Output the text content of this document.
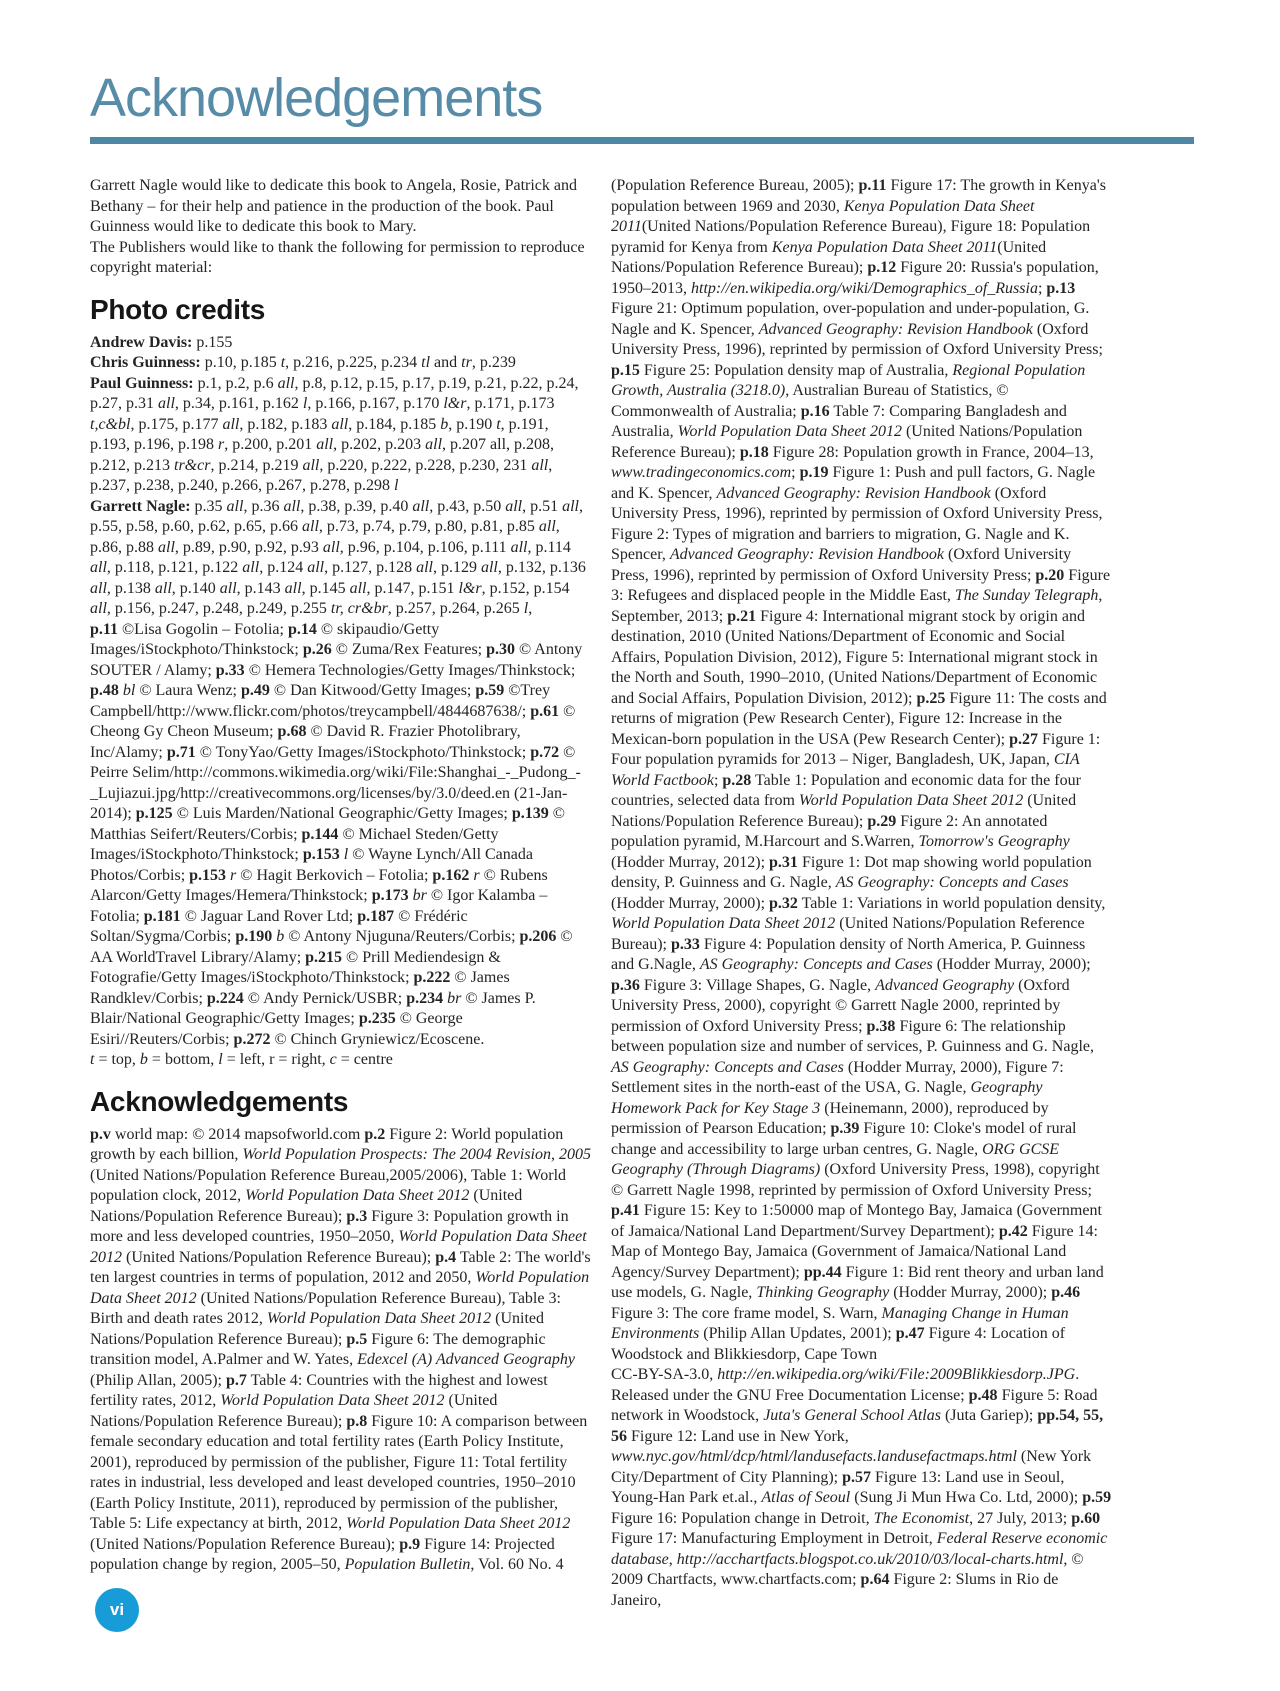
Acknowledgements

Garrett Nagle would like to dedicate this book to Angela, Rosie, Patrick and Bethany – for their help and patience in the production of the book. Paul Guinness would like to dedicate this book to Mary.
The Publishers would like to thank the following for permission to reproduce copyright material:

Photo credits

Andrew Davis: p.155
Chris Guinness: p.10, p.185 t, p.216, p.225, p.234 tl and tr, p.239
Paul Guinness: p.1, p.2, p.6 all, p.8, p.12, p.15, p.17, p.19, p.21, p.22, p.24, p.27, p.31 all, p.34, p.161, p.162 l, p.166, p.167, p.170 l&r, p.171, p.173 t,c&bl, p.175, p.177 all, p.182, p.183 all, p.184, p.185 b, p.190 t, p.191, p.193, p.196, p.198 r, p.200, p.201 all, p.202, p.203 all, p.207 all, p.208, p.212, p.213 tr&cr, p.214, p.219 all, p.220, p.222, p.228, p.230, 231 all, p.237, p.238, p.240, p.266, p.267, p.278, p.298 l
Garrett Nagle: p.35 all, p.36 all, p.38, p.39, p.40 all, p.43, p.50 all, p.51 all, p.55, p.58, p.60, p.62, p.65, p.66 all, p.73, p.74, p.79, p.80, p.81, p.85 all, p.86, p.88 all, p.89, p.90, p.92, p.93 all, p.96, p.104, p.106, p.111 all, p.114 all, p.118, p.121, p.122 all, p.124 all, p.127, p.128 all, p.129 all, p.132, p.136 all, p.138 all, p.140 all, p.143 all, p.145 all, p.147, p.151 l&r, p.152, p.154 all, p.156, p.247, p.248, p.249, p.255 tr, cr&br, p.257, p.264, p.265 l,
p.11 ©Lisa Gogolin – Fotolia; p.14 © skipaudio/Getty Images/iStockphoto/Thinkstock; p.26 © Zuma/Rex Features; p.30 © Antony SOUTER / Alamy; p.33 © Hemera Technologies/Getty Images/Thinkstock; p.48 bl © Laura Wenz; p.49 © Dan Kitwood/Getty Images; p.59 ©Trey Campbell/http://www.flickr.com/photos/treycampbell/4844687638/; p.61 © Cheong Gy Cheon Museum; p.68 © David R. Frazier Photolibrary, Inc/Alamy; p.71 © TonyYao/Getty Images/iStockphoto/Thinkstock; p.72 © Peirre Selim/http://commons.wikimedia.org/wiki/File:Shanghai_-_Pudong_-_Lujiazui.jpg/http://creativecommons.org/licenses/by/3.0/deed.en (21-Jan-2014); p.125 © Luis Marden/National Geographic/Getty Images; p.139 © Matthias Seifert/Reuters/Corbis; p.144 © Michael Steden/Getty Images/iStockphoto/Thinkstock; p.153 l © Wayne Lynch/All Canada Photos/Corbis; p.153 r © Hagit Berkovich – Fotolia; p.162 r © Rubens Alarcon/Getty Images/Hemera/Thinkstock; p.173 br © Igor Kalamba – Fotolia; p.181 © Jaguar Land Rover Ltd; p.187 © Frédéric Soltan/Sygma/Corbis; p.190 b © Antony Njuguna/Reuters/Corbis; p.206 © AA WorldTravel Library/Alamy; p.215 © Prill Mediendesign & Fotografie/Getty Images/iStockphoto/Thinkstock; p.222 © James Randklev/Corbis; p.224 © Andy Pernick/USBR; p.234 br © James P. Blair/National Geographic/Getty Images; p.235 © George Esiri//Reuters/Corbis; p.272 © Chinch Gryniewicz/Ecoscene.
t = top, b = bottom, l = left, r = right, c = centre

Acknowledgements

p.v world map: © 2014 mapsofworld.com p.2 Figure 2: World population growth by each billion, World Population Prospects: The 2004 Revision, 2005 (United Nations/Population Reference Bureau,2005/2006), Table 1: World population clock, 2012, World Population Data Sheet 2012 (United Nations/Population Reference Bureau); p.3 Figure 3: Population growth in more and less developed countries, 1950–2050, World Population Data Sheet 2012 (United Nations/Population Reference Bureau); p.4 Table 2: The world's ten largest countries in terms of population, 2012 and 2050, World Population Data Sheet 2012 (United Nations/Population Reference Bureau), Table 3: Birth and death rates 2012, World Population Data Sheet 2012 (United Nations/Population Reference Bureau); p.5 Figure 6: The demographic transition model, A.Palmer and W. Yates, Edexcel (A) Advanced Geography (Philip Allan, 2005); p.7 Table 4: Countries with the highest and lowest fertility rates, 2012, World Population Data Sheet 2012 (United Nations/Population Reference Bureau); p.8 Figure 10: A comparison between female secondary education and total fertility rates (Earth Policy Institute, 2001), reproduced by permission of the publisher, Figure 11: Total fertility rates in industrial, less developed and least developed countries, 1950–2010 (Earth Policy Institute, 2011), reproduced by permission of the publisher, Table 5: Life expectancy at birth, 2012, World Population Data Sheet 2012 (United Nations/Population Reference Bureau); p.9 Figure 14: Projected population change by region, 2005–50, Population Bulletin, Vol. 60 No. 4

(Population Reference Bureau, 2005); p.11 Figure 17: The growth in Kenya's population between 1969 and 2030, Kenya Population Data Sheet 2011(United Nations/Population Reference Bureau), Figure 18: Population pyramid for Kenya from Kenya Population Data Sheet 2011(United Nations/Population Reference Bureau); p.12 Figure 20: Russia's population, 1950–2013, http://en.wikipedia.org/wiki/Demographics_of_Russia; p.13 Figure 21: Optimum population, over-population and under-population, G. Nagle and K. Spencer, Advanced Geography: Revision Handbook (Oxford University Press, 1996), reprinted by permission of Oxford University Press; p.15 Figure 25: Population density map of Australia, Regional Population Growth, Australia (3218.0), Australian Bureau of Statistics, © Commonwealth of Australia; p.16 Table 7: Comparing Bangladesh and Australia, World Population Data Sheet 2012 (United Nations/Population Reference Bureau); p.18 Figure 28: Population growth in France, 2004–13, www.tradingeconomics.com; p.19 Figure 1: Push and pull factors, G. Nagle and K. Spencer, Advanced Geography: Revision Handbook (Oxford University Press, 1996), reprinted by permission of Oxford University Press, Figure 2: Types of migration and barriers to migration, G. Nagle and K. Spencer, Advanced Geography: Revision Handbook (Oxford University Press, 1996), reprinted by permission of Oxford University Press; p.20 Figure 3: Refugees and displaced people in the Middle East, The Sunday Telegraph, September, 2013; p.21 Figure 4: International migrant stock by origin and destination, 2010 (United Nations/Department of Economic and Social Affairs, Population Division, 2012), Figure 5: International migrant stock in the North and South, 1990–2010, (United Nations/Department of Economic and Social Affairs, Population Division, 2012); p.25 Figure 11: The costs and returns of migration (Pew Research Center), Figure 12: Increase in the Mexican-born population in the USA (Pew Research Center); p.27 Figure 1: Four population pyramids for 2013 – Niger, Bangladesh, UK, Japan, CIA World Factbook; p.28 Table 1: Population and economic data for the four countries, selected data from World Population Data Sheet 2012 (United Nations/Population Reference Bureau); p.29 Figure 2: An annotated population pyramid, M.Harcourt and S.Warren, Tomorrow's Geography (Hodder Murray, 2012); p.31 Figure 1: Dot map showing world population density, P. Guinness and G. Nagle, AS Geography: Concepts and Cases (Hodder Murray, 2000); p.32 Table 1: Variations in world population density, World Population Data Sheet 2012 (United Nations/Population Reference Bureau); p.33 Figure 4: Population density of North America, P. Guinness and G.Nagle, AS Geography: Concepts and Cases (Hodder Murray, 2000); p.36 Figure 3: Village Shapes, G. Nagle, Advanced Geography (Oxford University Press, 2000), copyright © Garrett Nagle 2000, reprinted by permission of Oxford University Press; p.38 Figure 6: The relationship between population size and number of services, P. Guinness and G. Nagle, AS Geography: Concepts and Cases (Hodder Murray, 2000), Figure 7: Settlement sites in the north-east of the USA, G. Nagle, Geography Homework Pack for Key Stage 3 (Heinemann, 2000), reproduced by permission of Pearson Education; p.39 Figure 10: Cloke's model of rural change and accessibility to large urban centres, G. Nagle, ORG GCSE Geography (Through Diagrams) (Oxford University Press, 1998), copyright © Garrett Nagle 1998, reprinted by permission of Oxford University Press; p.41 Figure 15: Key to 1:50000 map of Montego Bay, Jamaica (Government of Jamaica/National Land Department/Survey Department); p.42 Figure 14: Map of Montego Bay, Jamaica (Government of Jamaica/National Land Agency/Survey Department); pp.44 Figure 1: Bid rent theory and urban land use models, G. Nagle, Thinking Geography (Hodder Murray, 2000); p.46 Figure 3: The core frame model, S. Warn, Managing Change in Human Environments (Philip Allan Updates, 2001); p.47 Figure 4: Location of Woodstock and Blikkiesdorp, Cape Town
CC-BY-SA-3.0, http://en.wikipedia.org/wiki/File:2009Blikkiesdorp.JPG. Released under the GNU Free Documentation License; p.48 Figure 5: Road network in Woodstock, Juta's General School Atlas (Juta Gariep); pp.54, 55, 56 Figure 12: Land use in New York, www.nyc.gov/html/dcp/html/landusefacts.landusefactmaps.html (New York City/Department of City Planning); p.57 Figure 13: Land use in Seoul, Young-Han Park et.al., Atlas of Seoul (Sung Ji Mun Hwa Co. Ltd, 2000); p.59 Figure 16: Population change in Detroit, The Economist, 27 July, 2013; p.60 Figure 17: Manufacturing Employment in Detroit, Federal Reserve economic database, http://acchartfacts.blogspot.co.uk/2010/03/local-charts.html, © 2009 Chartfacts, www.chartfacts.com; p.64 Figure 2: Slums in Rio de Janeiro,

vi
